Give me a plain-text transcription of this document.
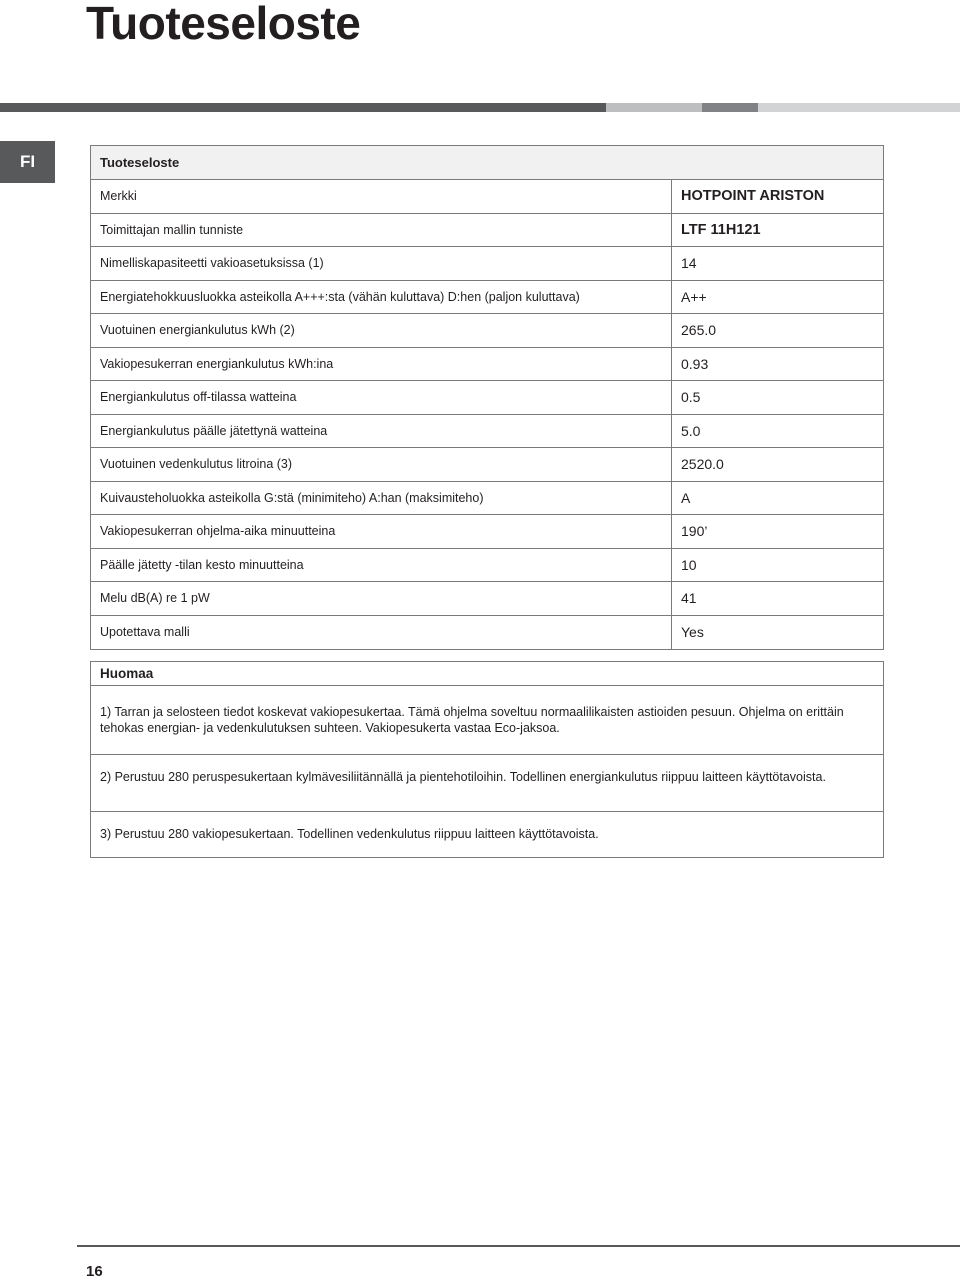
Tuoteseloste
FI	Tuoteseloste
Merkki	HOTPOINT ARISTON
Toimittajan mallin tunniste	LTF 11H121
Nimelliskapasiteetti vakioasetuksissa (1)	14
Energiatehokkuusluokka asteikolla A+++:sta (vähän kuluttava) D:hen (paljon kuluttava)	A++
Vuotuinen energiankulutus kWh (2)	265.0
Vakiopesukerran energiankulutus kWh:ina	0.93
Energiankulutus off-tilassa watteina	0.5
Energiankulutus päälle jätettynä watteina	5.0
Vuotuinen vedenkulutus litroina (3)	2520.0
Kuivausteholuokka asteikolla G:stä (minimiteho) A:han (maksimiteho)	A
Vakiopesukerran ohjelma-aika minuutteina	190’
Päälle jätetty -tilan kesto minuutteina	10
Melu dB(A) re 1 pW	41
Upotettava malli	Yes
Huomaa
1) Tarran ja selosteen tiedot koskevat vakiopesukertaa. Tämä ohjelma soveltuu normaalilikaisten astioiden pesuun. Ohjelma on erittäin tehokas energian- ja vedenkulutuksen suhteen. Vakiopesukerta vastaa Eco-jaksoa.
2) Perustuu 280 peruspesukertaan kylmävesiliitännällä ja pientehotiloihin. Todellinen energiankulutus riippuu laitteen käyttötavoista.
3) Perustuu 280 vakiopesukertaan. Todellinen vedenkulutus riippuu laitteen käyttötavoista.
16
